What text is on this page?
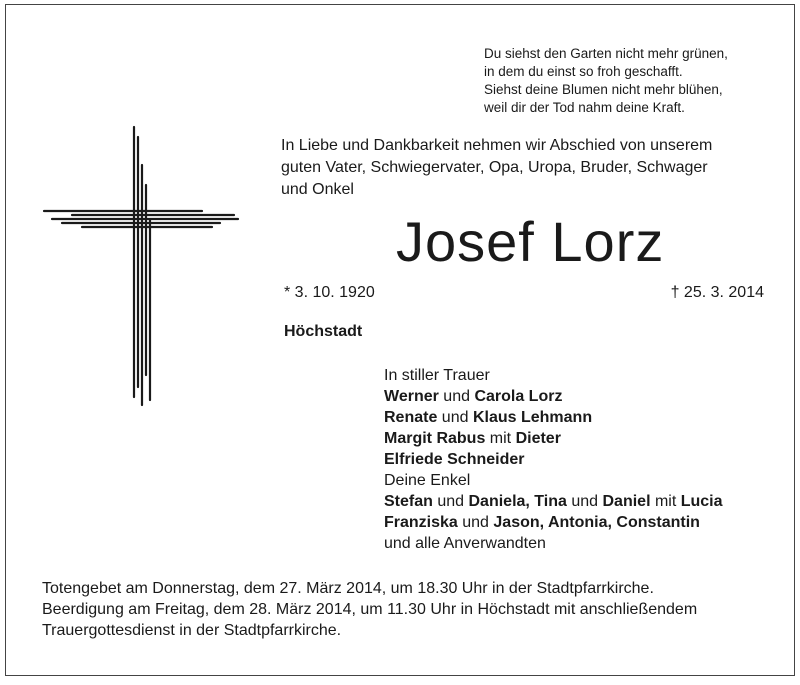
Du siehst den Garten nicht mehr grünen,
in dem du einst so froh geschafft.
Siehst deine Blumen nicht mehr blühen,
weil dir der Tod nahm deine Kraft.
In Liebe und Dankbarkeit nehmen wir Abschied von unserem
guten Vater, Schwiegervater, Opa, Uropa, Bruder, Schwager
und Onkel
Josef Lorz
* 3. 10. 1920	† 25. 3. 2014
Höchstadt
In stiller Trauer
Werner und Carola Lorz
Renate und Klaus Lehmann
Margit Rabus mit Dieter
Elfriede Schneider
Deine Enkel
Stefan und Daniela, Tina und Daniel mit Lucia
Franziska und Jason, Antonia, Constantin
und alle Anverwandten
Totengebet am Donnerstag, dem 27. März 2014, um 18.30 Uhr in der Stadtpfarrkirche.
Beerdigung am Freitag, dem 28. März 2014, um 11.30 Uhr in Höchstadt mit anschließendem
Trauergottesdienst in der Stadtpfarrkirche.
